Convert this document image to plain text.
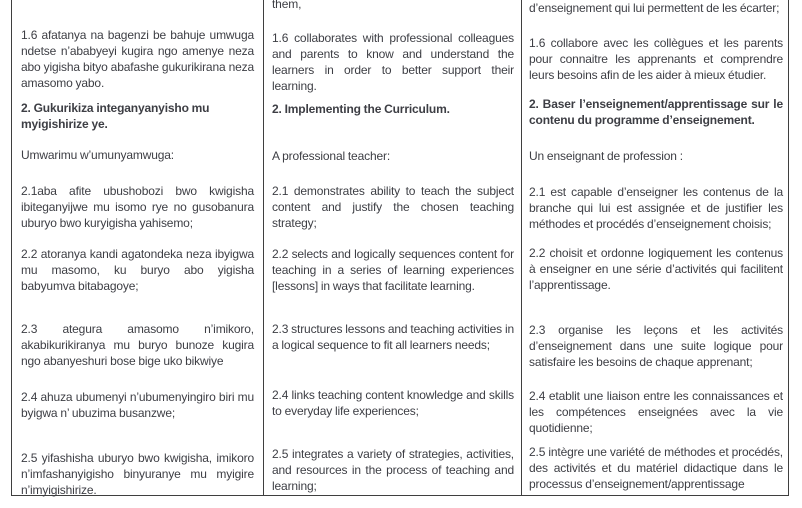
1.6 afatanya na bagenzi be bahuje umwuga ndetse n’ababyeyi kugira ngo amenye neza abo yigisha bityo abafashe gukurikirana neza amasomo yabo.

2. Gukurikiza integanyanyisho mu myigishirize ye.

Umwarimu w’umunyamwuga:

2.1aba afite ubushobozi bwo kwigisha ibiteganyijwe mu isomo rye no gusobanura uburyo bwo kuryigisha yahisemo;

2.2 atoranya kandi agatondeka neza ibyigwa mu masomo, ku buryo abo yigisha babyumva bitabagoye;

2.3 ategura amasomo n’imikoro, akabikurikiranya mu buryo bunoze kugira ngo abanyeshuri bose bige uko bikwiye

2.4 ahuza ubumenyi n’ubumenyingiro biri mu byigwa n’ ubuzima busanzwe;

2.5 yifashisha uburyo bwo kwigisha, imikoro n’imfashanyigisho binyuranye mu myigire n’imyigishirize.

them,

1.6 collaborates with professional colleagues and parents to know and understand the learners in order to better support their learning.

2. Implementing the Curriculum.

A professional teacher:

2.1 demonstrates ability to teach the subject content and justify the chosen teaching strategy;

2.2 selects and logically sequences content for teaching in a series of learning experiences [lessons] in ways that facilitate learning.

2.3 structures lessons and teaching activities in a logical sequence to fit all learners needs;

2.4 links teaching content knowledge and skills to everyday life experiences;

2.5 integrates a variety of strategies, activities, and resources in the process of teaching and learning;

d’enseignement qui lui permettent de les écarter;

1.6 collabore avec les collègues et les parents pour connaitre les apprenants et comprendre leurs besoins afin de les aider à mieux étudier.

2. Baser l’enseignement/apprentissage sur le contenu du programme d’enseignement.

Un enseignant de profession :

2.1 est capable d’enseigner les contenus de la branche qui lui est assignée et de justifier les méthodes et procédés d’enseignement choisis;

2.2 choisit et ordonne logiquement les contenus à enseigner en une série d’activités qui facilitent l’apprentissage.

2.3 organise les leçons et les activités d’enseignement dans une suite logique pour satisfaire les besoins de chaque apprenant;

2.4 etablit une liaison entre les connaissances et les compétences enseignées avec la vie quotidienne;

2.5 intègre une variété de méthodes et procédés, des activités et du matériel didactique dans le processus d’enseignement/apprentissage
